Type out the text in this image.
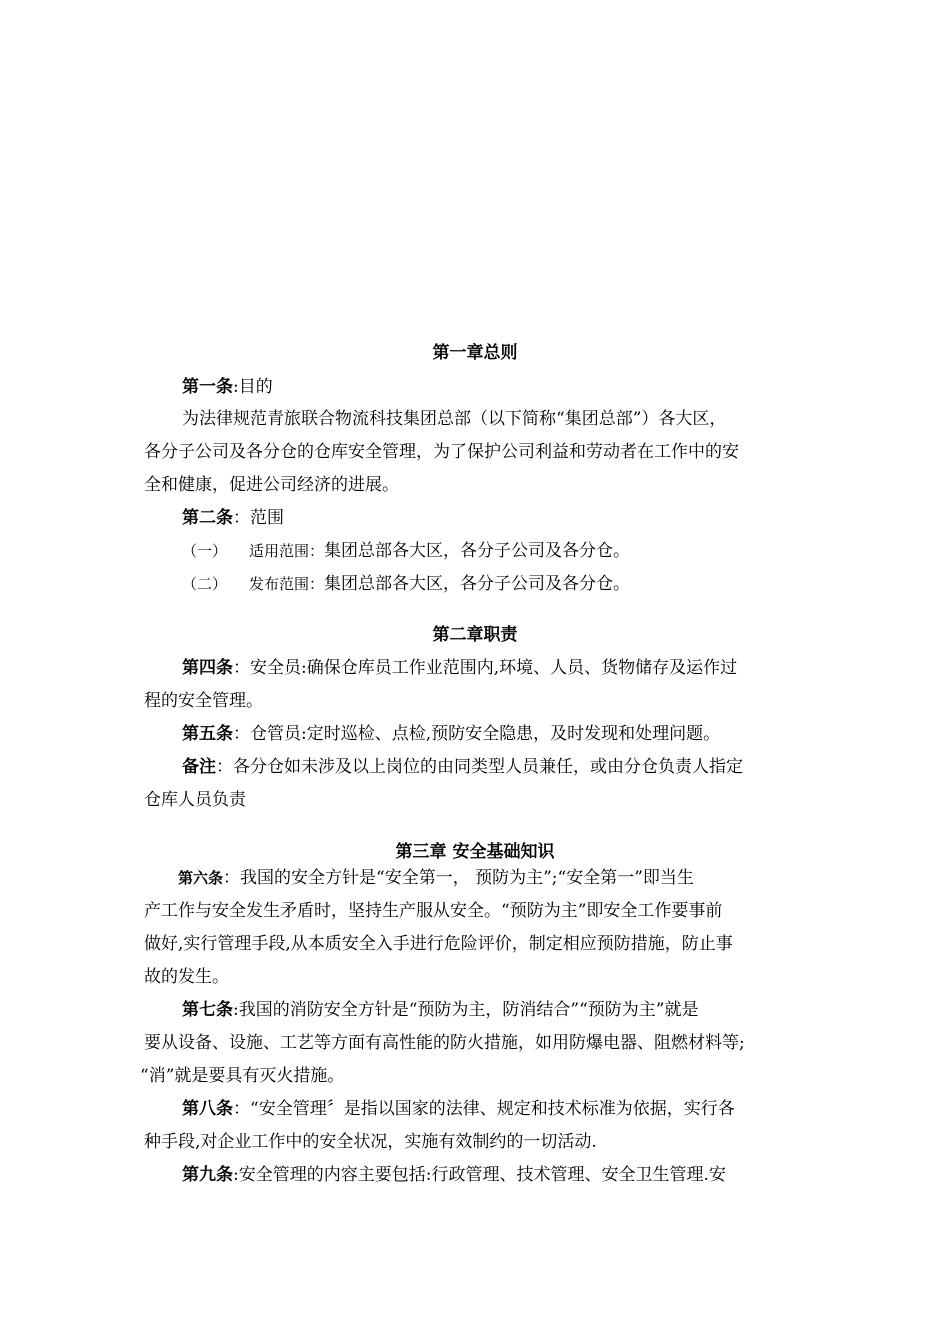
第一章总则
第一条:目的
为法律规范青旅联合物流科技集团总部（以下简称“集团总部”）各大区，
各分子公司及各分仓的仓库安全管理，为了保护公司利益和劳动者在工作中的安
全和健康，促进公司经济的进展。
第二条：范围
（一） 适用范围：集团总部各大区，各分子公司及各分仓。
（二） 发布范围：集团总部各大区，各分子公司及各分仓。
第二章职责
第四条：安全员:确保仓库员工作业范围内,环境、人员、货物储存及运作过
程的安全管理。
第五条：仓管员:定时巡检、点检,预防安全隐患，及时发现和处理问题。
备注：各分仓如未涉及以上岗位的由同类型人员兼任，或由分仓负责人指定
仓库人员负责
第三章 安全基础知识
第六条：我国的安全方针是“安全第一， 预防为主”;“安全第一”即当生
产工作与安全发生矛盾时，坚持生产服从安全。“预防为主”即安全工作要事前
做好,实行管理手段,从本质安全入手进行危险评价，制定相应预防措施，防止事
故的发生。
第七条:我国的消防安全方针是“预防为主，防消结合”“预防为主”就是
要从设备、设施、工艺等方面有高性能的防火措施，如用防爆电器、阻燃材料等;
“消”就是要具有灭火措施。
第八条：“安全管理〞是指以国家的法律、规定和技术标准为依据，实行各
种手段,对企业工作中的安全状况，实施有效制约的一切活动.
第九条:安全管理的内容主要包括:行政管理、技术管理、安全卫生管理.安
